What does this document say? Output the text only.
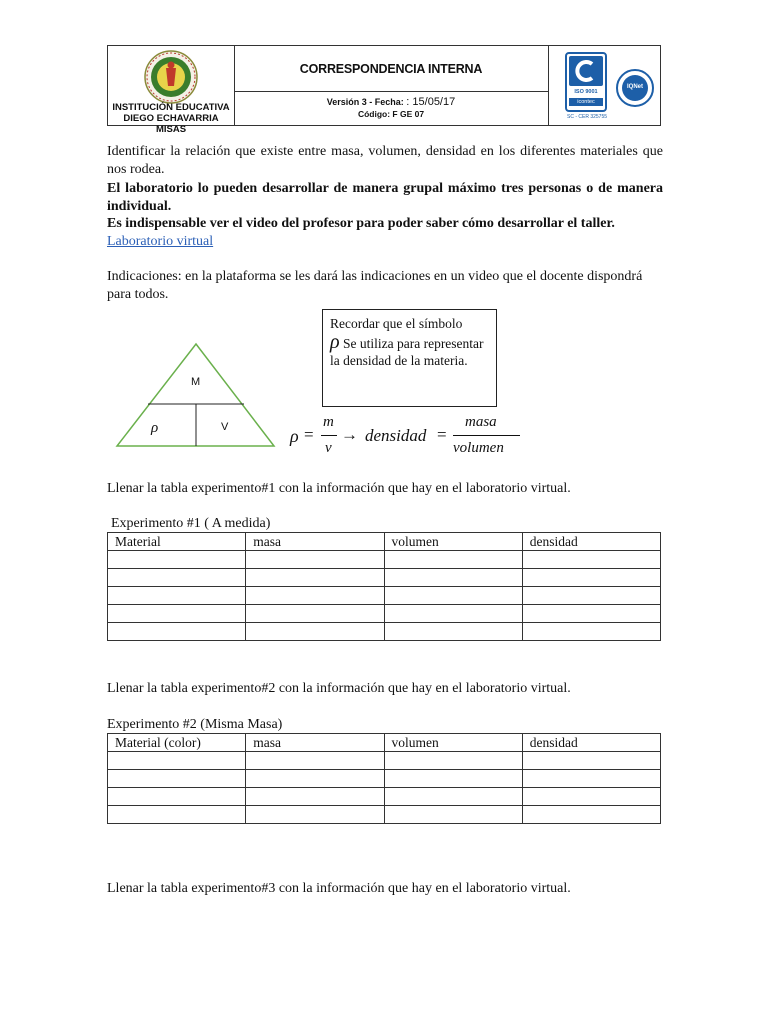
INSTITUCIÓN EDUCATIVA
DIEGO ECHAVARRIA MISAS
CORRESPONDENCIA INTERNA
Versión 3 - Fecha: : 15/05/17
Código: F GE 07
ISO 9001
icontec
SC - CER 325755
IQNet
Identificar la relación que existe entre masa, volumen, densidad en los diferentes materiales que nos rodea.
El laboratorio lo pueden desarrollar de manera grupal máximo tres personas o de manera individual.
Es indispensable ver el video del profesor para poder saber cómo desarrollar el taller.
Laboratorio virtual
Indicaciones: en la plataforma se les dará las indicaciones en un video que el docente dispondrá para todos.
M
ρ	V
Recordar que el símbolo
ρ Se utiliza para representar la densidad de la materia.
ρ =
m
v
→ densidad =
masa
volumen
Llenar la tabla experimento#1 con la información que hay en el laboratorio virtual.
Experimento #1 ( A medida)
Material	masa	volumen	densidad

Llenar la tabla experimento#2 con la información que hay en el laboratorio virtual.
Experimento #2 (Misma Masa)
Material (color)	masa	volumen	densidad

Llenar la tabla experimento#3 con la información que hay en el laboratorio virtual.
